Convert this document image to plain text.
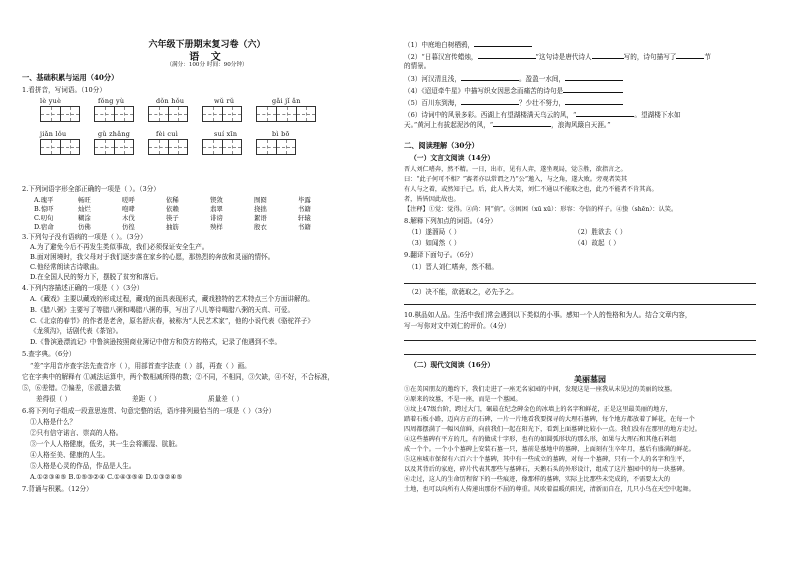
六年级下册期末复习卷（六）
语 文
（满分：100分 时间：90分钟）
一、基础积累与运用（40分）
1.看拼音，写词语。（10分）
lè yuè	fǒng yù	dǒn hǒu	wǔ rǔ	gǎi jǐ ǎn
jiǎn lǒu	gǔ zhǎng	fèi cuì	suí xīn	bì bō
2.下列词语字形全部正确的一项是（ ）。（3分）
A.瑰平	畅旺	嗟呼	依稀	锲敛	囫囵	毕露
B.惊吓	灿烂	咆哮	依赖	翡翠	挠拙	书籍
C.叨旬	糊涂	木伐	筷子	诽谤	絮语	轩辕
D.宿命	仿佛	仿徨	抽筋	殃样	殷衣	书籍
3.下列句子没有语病的一项是（ ）。（3分）
A.为了避免今后不再发生类似事故，我们必须保证安全生产。
B.面对困境时，我父母对于我们逐步落在家乡的心愿，那热烈的奔放和灵丽的情怀。
C.他经常朗读古诗歌曲。
D.在全国人民的努力下，摆脱了贫穷和落后。
4.下列内容描述正确的一项是（ ）（3分）
A.《藏戏》主要以藏戏的形成过程，藏戏的面具表现形式，藏戏独特的艺术特点三个方面讲解的。
B.《腊八粥》主要写了等腊八粥和喝腊八粥的事，写出了八儿等待喝腊八粥的天真、可爱。
C.《北京的春节》的作者是老舍，原名舒庆春，被称为“人民艺术家”，他的小说代表《骆驼祥子》
《龙须沟》，话剧代表《茶馆》。
D.《鲁滨逊漂流记》中鲁滨逊按照商业簿记中借方和贷方的格式，记录了他遇到不幸。
5.查字典。（6分）
“差”字用音序查字法先查音序（ ），用部首查字法查（ ）部，再查（ ）画。
它在字典中的解释有 ①减法运算中，两个数相减所得的数；②不同，不相同，③欠缺，④不好，不合标准，
⑤，⑥差错。⑦偏差，⑧派遣去做
差得很（ ）	差距（ ）	质量差（ ）
6.将下列句子组成一段意思连贯、句意完整的话，语序排列最恰当的一项是（ ）（3分）
①人格是什么？
②只有信守诺言、崇高的人格。
③一个人人格健康，低劣，其一生会将潮湿、肮脏。
④人格至美、健康的人生。
⑤人格是心灵的作品，作品是人生。
A.①②③④⑤ B.①⑤③②④ C.①④③⑤④ D.①③②④⑤
7.背诵与积累。（12分）
（1）中庭地白树栖鸦，
（2）“日暮汉宫传蜡烛，	”这句诗是唐代诗人	写的，诗句描写了	节
的情景。
（3）河汉清且浅，	。盈盈一水间，
（4）《迢迢牵牛星》中描写织女因思念而痛苦的诗句是
（5）百川东到海，	？少壮不努力，
（6）诗词中的风景多彩。西湖上有望湖楼满天乌云的风，“	。望湖楼下水如
天。”黄河上有拔起泥沙的风，“	，浪淘风簸自天涯。”
二、阅读理解（30分）
（一）文言文阅读（14分）
晋人刘仁嗜奔，然不精。一日，出市，见有人弈，遂坐观局，觉⑤胜，欲指言之。
曰：“此子何可不相？”赛者亦以常谓之乃“公”邀入，与之角，遂大败。旁观者笑其
有人与之着，或然知于己。后，此人皆大笑，刘仁不通以不能取之也，此乃不能者不肯其高。
者，皆皆因此故也。
【注释】①觉：觉得。②尚：同“倘”。③困困（xū xū）：形容：夺倍的样子。④蛰（shēn）：认笑。
8.解释下列加点的词语。（4分）
（1）遂溜局（ ）	（2）胜欲去（ ）
（3）如闻然（ ）	（4）故起（ ）
9.翻译下面句子。（6分）
（1）晋人刘仁嗜奔，然不精。
（2）决不能，欲蕤取之，必先予之。
10.棋品如人品。生活中我们常会遇到以下类似的小事。感知一个人的性格和为人。结合文章内容，
写一写你对文中刘仁的评价。（4分）
（二）现代文阅读（16分）
美丽墓园
①在美国朋友的邀约下，我们走进了一座无名家园的中间，发现这是一座我从未见过的美丽的坟墓。
②原来的坟墓，不是一座，而是一个墓园。
③坟上47级台阶，跨过大门，碾最在纪念碑金色的冰墙上的名字和鲜花，正是这里最美丽的地方，
踏着石板小路，迈向方正的石碑，一片一片地看我要探寻的大理石墓碑，每个地方都放着了鲜花，在每一个
四周都摆满了一幅风信鲜，向前我们一起在阳光下，看到上面墓碑比较小一点。我们没有在那里的地方走过。
④这些墓碑有平方的几，有的做成十字形，也有的如圆弧形状的那么形，如果与大理石和其他石料组
成一个个。一个小个墓碑上安装石墓一只，墓前是墓地中的墓碑，上面刻有生卒年月，墓后有盛满的鲜花。
⑤这座城市保留有六百六十个墓碑，其中有一些成立的墓碑，对每一个墓碑，只有一个人的名字和生平，
以及其背后的家庭，碎片代表其那些与墓碑石，天鹅石头的外形设计，组成了这片墓园中的每一块墓碑。
⑥走过，这人的生命历程留下的一些痕迹，像那样的墓碑，实际上比那些未完成的，不需要太大的
土地，也可以向所有人传递出那份不屈的尊重。风吹着温暖的阳光，清新而自在，几只小鸟在天空中起舞。
